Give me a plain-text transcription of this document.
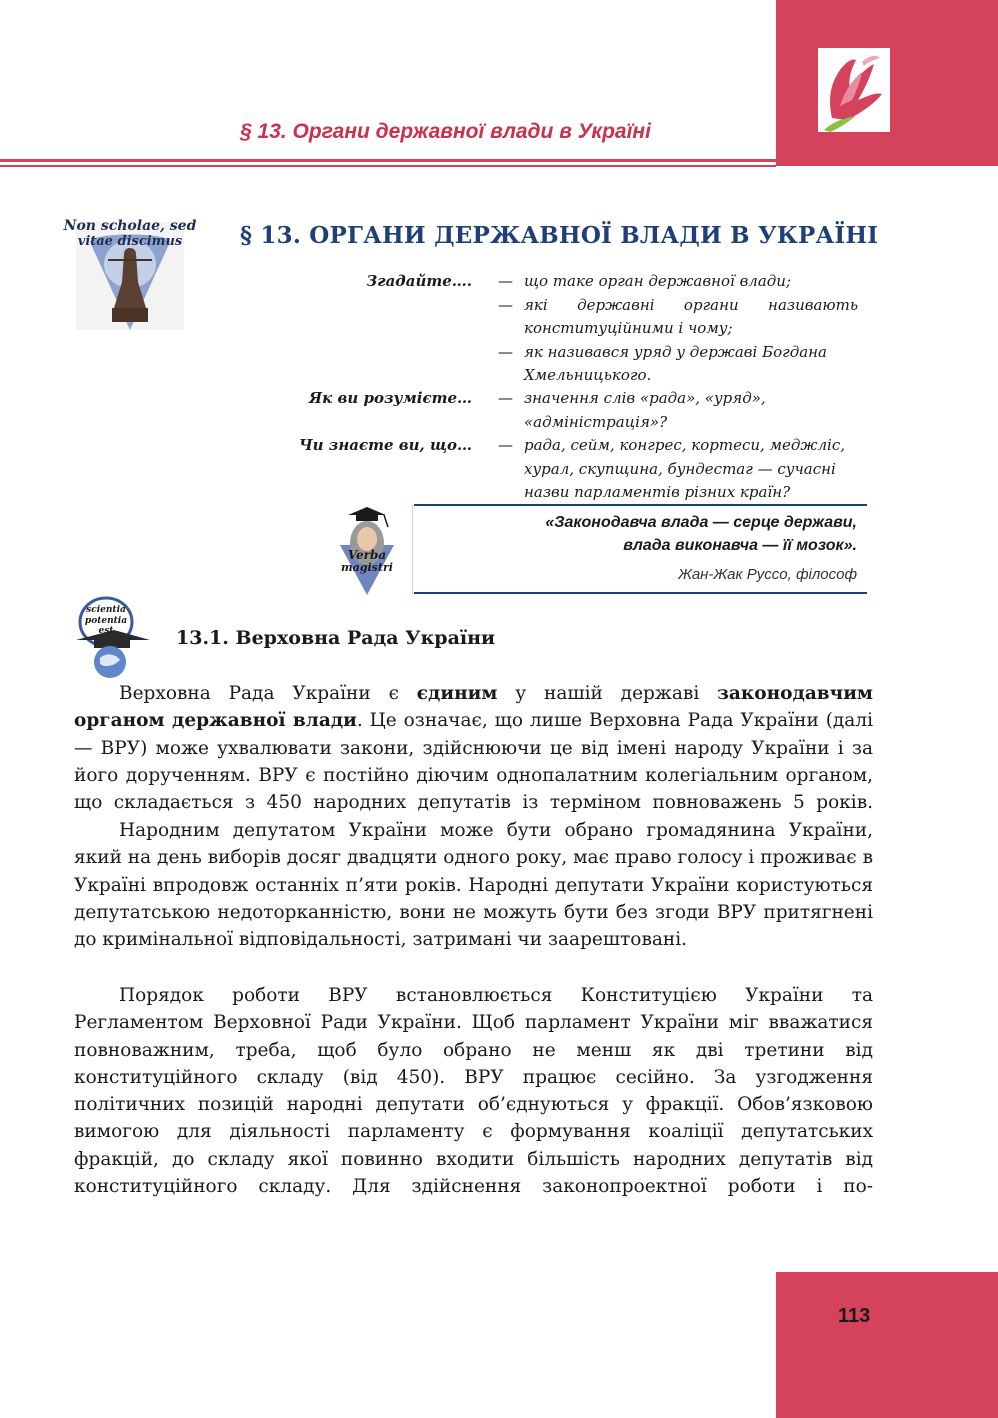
§ 13. Органи державної влади в Україні
Non scholae, sed
vitae discimus	§ 13. ОРГАНИ ДЕРЖАВНОЇ ВЛАДИ В УКРАЇНІ
Згадайте…. — що таке орган державної влади;
— які державні органи називають
конституційними і чому;
— як називався уряд у державі Богдана
Хмельницького.
Як ви розумієте… — значення слів «рада», «уряд»,
«адміністрація»?
Чи знаєте ви, що… — рада, сейм, конгрес, кортеси, меджліс,
хурал, скупщина, бундестаг — сучасні
назви парламентів різних країн?
Verba
magistri
«Законодавча влада — серце держави,
влада виконавча — її мозок».
Жан-Жак Руссо, філософ
scientia
potentia
est	13.1. Верховна Рада України

Верховна Рада України є єдиним у нашій державі законодавчим органом державної влади. Це означає, що лише Верховна Рада України (далі — ВРУ) може ухвалювати закони, здійснюючи це від імені народу України і за його дорученням. ВРУ є постійно діючим однопалатним колегіальним органом, що складається з 450 народних депутатів із терміном повноважень 5 років.

Народним депутатом України може бути обрано громадянина України, який на день виборів досяг двадцяти одного року, має право голосу і проживає в Україні впродовж останніх п’яти років. Народні депутати України користуються депутатською недоторканністю, вони не можуть бути без згоди ВРУ притягнені до кримінальної відповідальності, затримані чи заарештовані.

Порядок роботи ВРУ встановлюється Конституцією України та Регламентом Верховної Ради України. Щоб парламент України міг вважатися повноважним, треба, щоб було обрано не менш як дві третини від конституційного складу (від 450). ВРУ працює сесійно. За узгодження політичних позицій народні депутати об’єднуються у фракції. Обов’язковою вимогою для діяльності парламенту є формування коаліції депутатських фракцій, до складу якої повинно входити більшість народних депутатів від конституційного складу. Для здійснення законопроектної роботи і по-

113
